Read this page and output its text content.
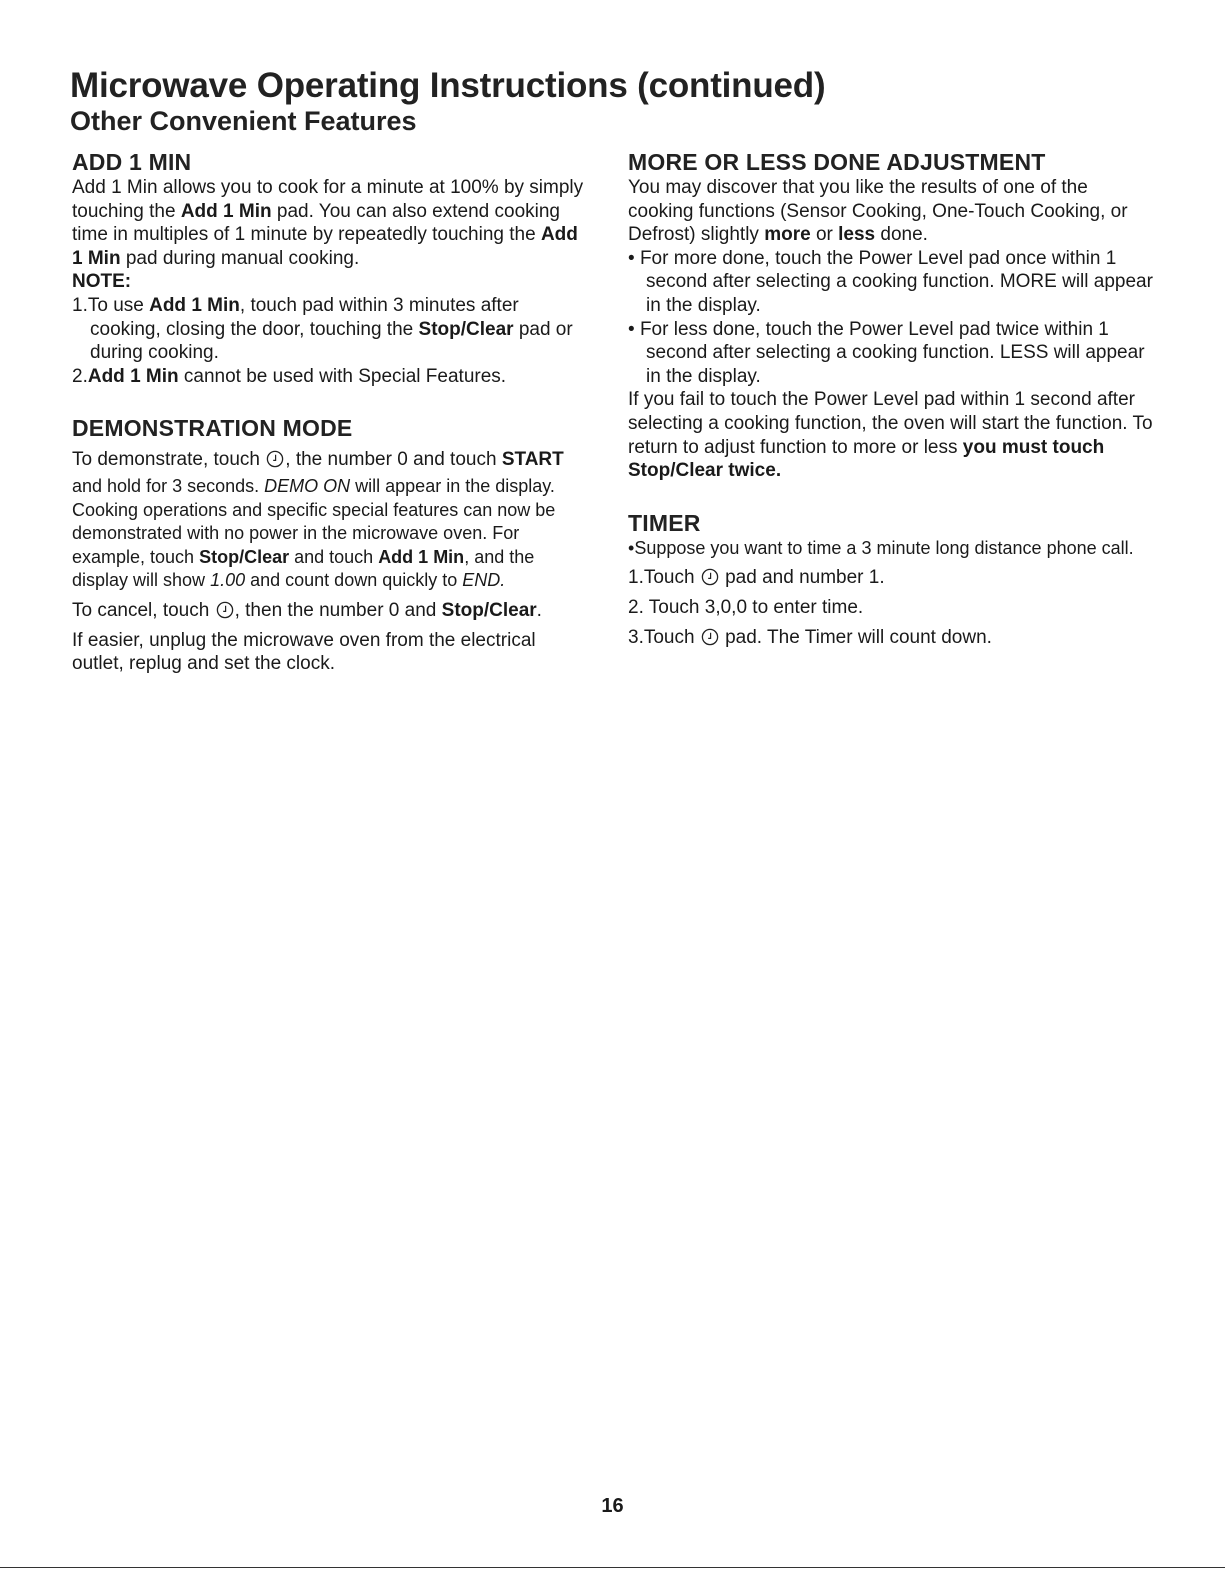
Microwave Operating Instructions (continued)
Other Convenient Features
ADD 1 MIN

Add 1 Min allows you to cook for a minute at 100% by simply touching the Add 1 Min pad. You can also extend cooking time in multiples of 1 minute by repeatedly touching the Add 1 Min pad during manual cooking.

NOTE:

1.To use Add 1 Min, touch pad within 3 minutes after cooking, closing the door, touching the Stop/Clear pad or during cooking.

2.Add 1 Min cannot be used with Special Features.

DEMONSTRATION MODE

To demonstrate, touch , the number 0 and touch START

and hold for 3 seconds. DEMO ON will appear in the display. Cooking operations and specific special features can now be demonstrated with no power in the microwave oven. For example, touch Stop/Clear and touch Add 1 Min, and the display will show 1.00 and count down quickly to END.

To cancel, touch , then the number 0 and Stop/Clear.

If easier, unplug the microwave oven from the electrical outlet, replug and set the clock.

MORE OR LESS DONE ADJUSTMENT

You may discover that you like the results of one of the cooking functions (Sensor Cooking, One-Touch Cooking, or Defrost) slightly more or less done.

• For more done, touch the Power Level pad once within 1 second after selecting a cooking function. MORE will appear in the display.

• For less done, touch the Power Level pad twice within 1 second after selecting a cooking function. LESS will appear in the display.

If you fail to touch the Power Level pad within 1 second after selecting a cooking function, the oven will start the function. To return to adjust function to more or less you must touch Stop/Clear twice.

TIMER

•Suppose you want to time a 3 minute long distance phone call.

1.Touch  pad and number 1.

2. Touch 3,0,0 to enter time.

3.Touch  pad. The Timer will count down.

16
